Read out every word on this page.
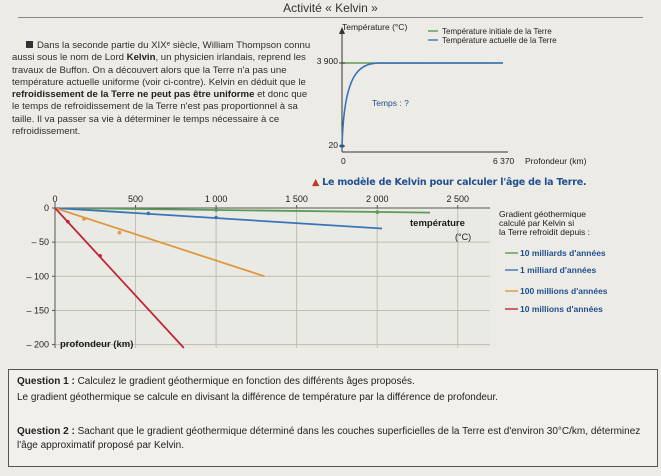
Activité « Kelvin »
Dans la seconde partie du XIXᵉ siècle, William Thompson connu aussi sous le nom de Lord Kelvin, un physicien irlandais, reprend les travaux de Buffon. On a découvert alors que la Terre n'a pas une température actuelle uniforme (voir ci-contre). Kelvin en déduit que le refroidissement de la Terre ne peut pas être uniforme et donc que le temps de refroidissement de la Terre n'est pas proportionnel à sa taille. Il va passer sa vie à déterminer le temps nécessaire à ce refroidissement.
Température (°C)
3 900
20
0	6 370 Profondeur (km)
Temps : ?
Température initiale de la Terre
Température actuelle de la Terre
▲ Le modèle de Kelvin pour calculer l'âge de la Terre.
0	500	1 000	1 500	2 000	2 500
0
– 50
– 100
– 150
– 200
température
(°C)
profondeur (km)
Gradient géothermique
calculé par Kelvin si
la Terre refroidit depuis :
10 milliards d'années
1 milliard d'années
100 millions d'années
10 millions d'années
Question 1 : Calculez le gradient géothermique en fonction des différents âges proposés.
Le gradient géothermique se calcule en divisant la différence de température par la différence de profondeur.
Question 2 : Sachant que le gradient géothermique déterminé dans les couches superficielles de la Terre est d'environ 30°C/km, déterminez l'âge approximatif proposé par Kelvin.
